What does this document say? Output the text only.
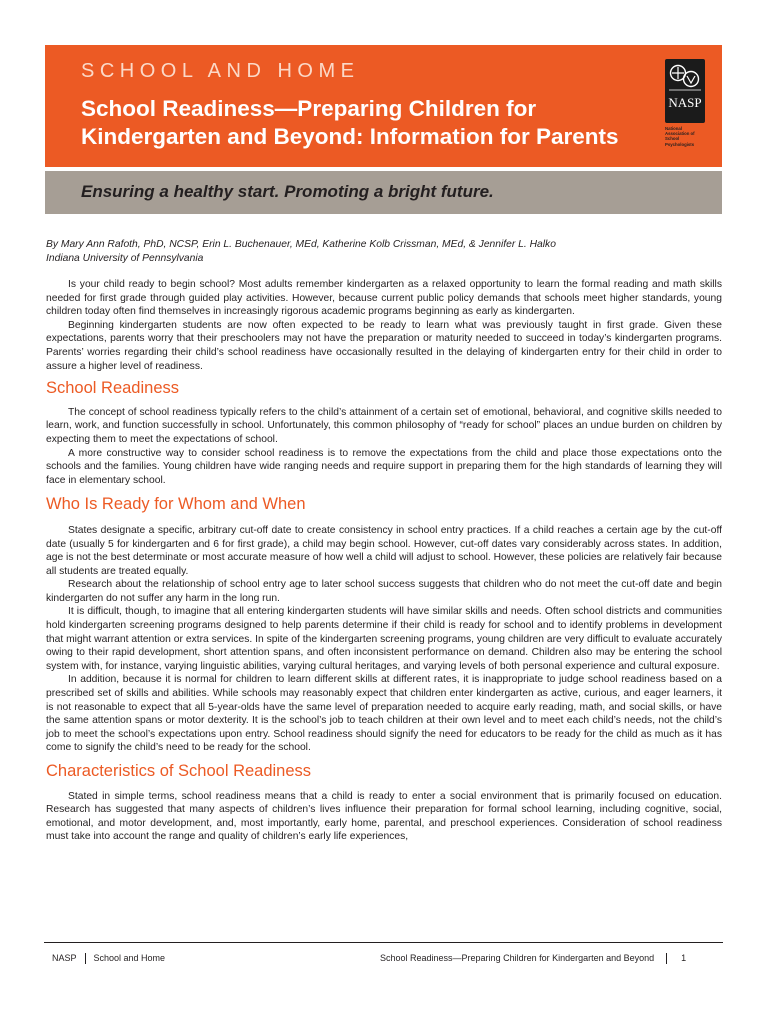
SCHOOL AND HOME
School Readiness—Preparing Children for Kindergarten and Beyond: Information for Parents
NASP
National
Association of
School
Psychologists
Ensuring a healthy start. Promoting a bright future.
By Mary Ann Rafoth, PhD, NCSP, Erin L. Buchenauer, MEd, Katherine Kolb Crissman, MEd, & Jennifer L. Halko
Indiana University of Pennsylvania

Is your child ready to begin school? Most adults remember kindergarten as a relaxed opportunity to learn the formal reading and math skills needed for first grade through guided play activities. However, because current public policy demands that schools meet higher standards, young children today often find themselves in increasingly rigorous academic programs beginning as early as kindergarten.

Beginning kindergarten students are now often expected to be ready to learn what was previously taught in first grade. Given these expectations, parents worry that their preschoolers may not have the preparation or maturity needed to succeed in today’s kindergarten programs. Parents’ worries regarding their child’s school readiness have occasionally resulted in the delaying of kindergarten entry for their child in order to assure a higher level of readiness.

School Readiness

The concept of school readiness typically refers to the child’s attainment of a certain set of emotional, behavioral, and cognitive skills needed to learn, work, and function successfully in school. Unfortunately, this common philosophy of “ready for school” places an undue burden on children by expecting them to meet the expectations of school.

A more constructive way to consider school readiness is to remove the expectations from the child and place those expectations onto the schools and the families. Young children have wide ranging needs and require support in preparing them for the high standards of learning they will face in elementary school.

Who Is Ready for Whom and When

States designate a specific, arbitrary cut-off date to create consistency in school entry practices. If a child reaches a certain age by the cut-off date (usually 5 for kindergarten and 6 for first grade), a child may begin school. However, cut-off dates vary considerably across states. In addition, age is not the best determinate or most accurate measure of how well a child will adjust to school. However, these policies are relatively fair because all students are treated equally.

Research about the relationship of school entry age to later school success suggests that children who do not meet the cut-off date and begin kindergarten do not suffer any harm in the long run.

It is difficult, though, to imagine that all entering kindergarten students will have similar skills and needs. Often school districts and communities hold kindergarten screening programs designed to help parents determine if their child is ready for school and to identify problems in development that might warrant attention or extra services. In spite of the kindergarten screening programs, young children are very difficult to evaluate accurately owing to their rapid development, short attention spans, and often inconsistent performance on demand. Children also may be entering the school system with, for instance, varying linguistic abilities, varying cultural heritages, and varying levels of both personal experience and cultural exposure.

In addition, because it is normal for children to learn different skills at different rates, it is inappropriate to judge school readiness based on a prescribed set of skills and abilities. While schools may reasonably expect that children enter kindergarten as active, curious, and eager learners, it is not reasonable to expect that all 5-year-olds have the same level of preparation needed to acquire early reading, math, and social skills, or have the same attention spans or motor dexterity. It is the school’s job to teach children at their own level and to meet each child’s needs, not the child’s job to meet the school’s expectations upon entry. School readiness should signify the need for educators to be ready for the child as much as it has come to signify the child’s need to be ready for the school.

Characteristics of School Readiness

Stated in simple terms, school readiness means that a child is ready to enter a social environment that is primarily focused on education. Research has suggested that many aspects of children’s lives influence their preparation for formal school learning, including cognitive, social, emotional, and motor development, and, most importantly, early home, parental, and preschool experiences. Consideration of school readiness must take into account the range and quality of children’s early life experiences,

NASP School and Home	School Readiness—Preparing Children for Kindergarten and Beyond	1
